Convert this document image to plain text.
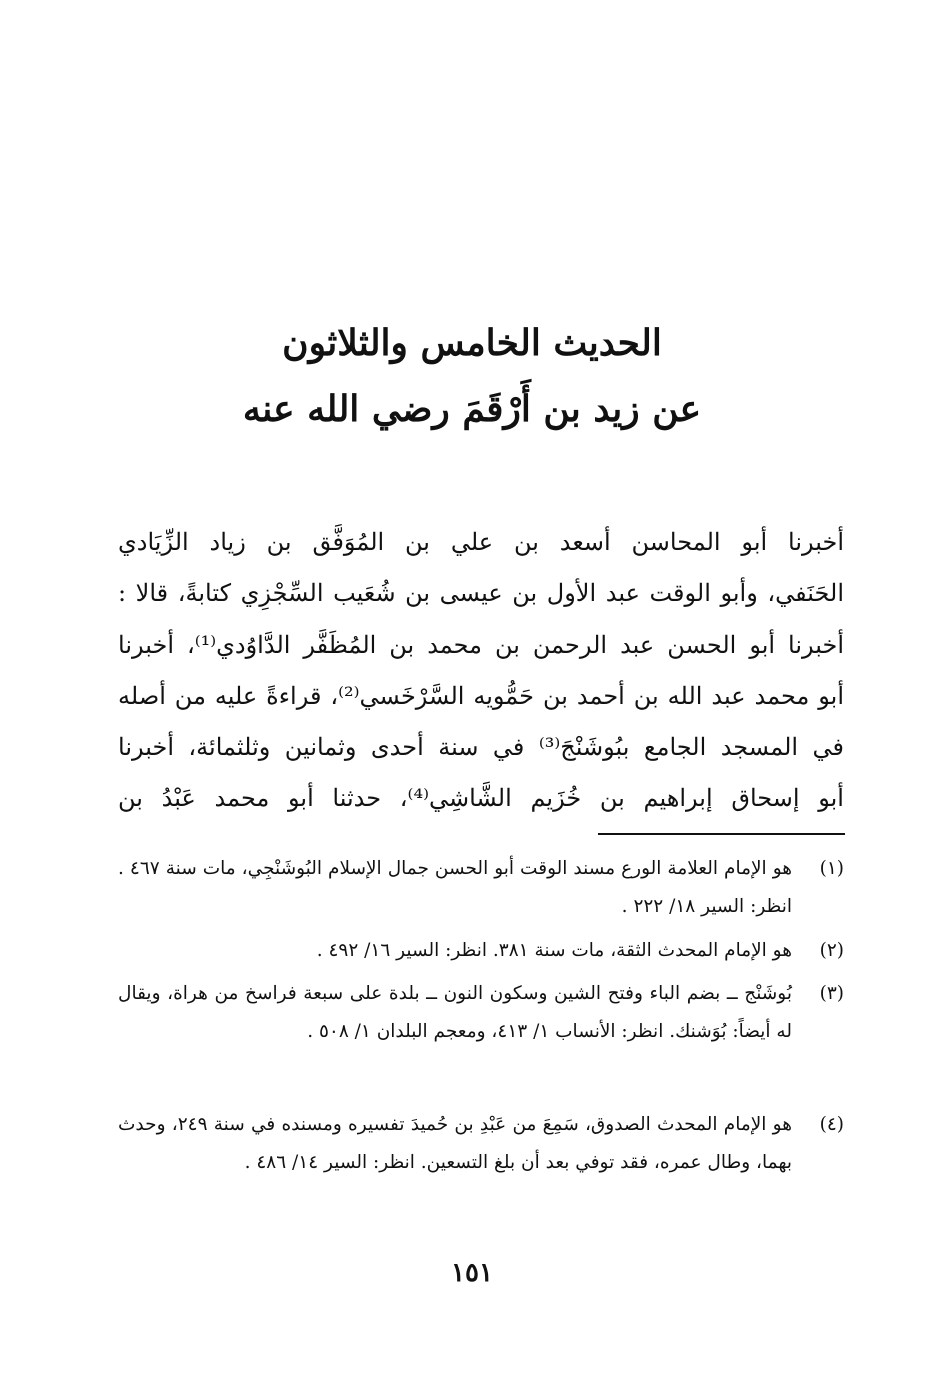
الحديث الخامس والثلاثون
عن زيد بن أَرْقَمَ رضي الله عنه
أخبرنا أبو المحاسن أسعد بن علي بن المُوَفَّق بن زياد الزِّيَادي
الحَنَفي، وأبو الوقت عبد الأول بن عيسى بن شُعَيب السِّجْزِي كتابةً، قالا :
أخبرنا أبو الحسن عبد الرحمن بن محمد بن المُظَفَّر الدَّاوُدي⁽¹⁾، أخبرنا
أبو محمد عبد الله بن أحمد بن حَمُّويه السَّرْخَسي⁽²⁾، قراءةً عليه من أصله
في المسجد الجامع ببُوشَنْجَ⁽³⁾ في سنة أحدى وثمانين وثلثمائة، أخبرنا
أبو إسحاق إبراهيم بن خُزَيم الشَّاشِي⁽⁴⁾، حدثنا أبو محمد عَبْدُ بن
(١)
هو الإمام العلامة الورع مسند الوقت أبو الحسن جمال الإسلام البُوشَنْجِي، مات سنة ٤٦٧ . انظر: السير ١٨/ ٢٢٢ .
(٢)
هو الإمام المحدث الثقة، مات سنة ٣٨١. انظر: السير ١٦/ ٤٩٢ .
(٣)
بُوشَنْج ــ بضم الباء وفتح الشين وسكون النون ــ بلدة على سبعة فراسخ من هراة، ويقال له أيضاً: بُوَشنك. انظر: الأنساب ١/ ٤١٣، ومعجم البلدان ١/ ٥٠٨ .
(٤)
هو الإمام المحدث الصدوق، سَمِعَ من عَبْدِ بن حُميدَ تفسيره ومسنده في سنة ٢٤٩، وحدث بهما، وطال عمره، فقد توفي بعد أن بلغ التسعين. انظر: السير ١٤/ ٤٨٦ .
١٥١
